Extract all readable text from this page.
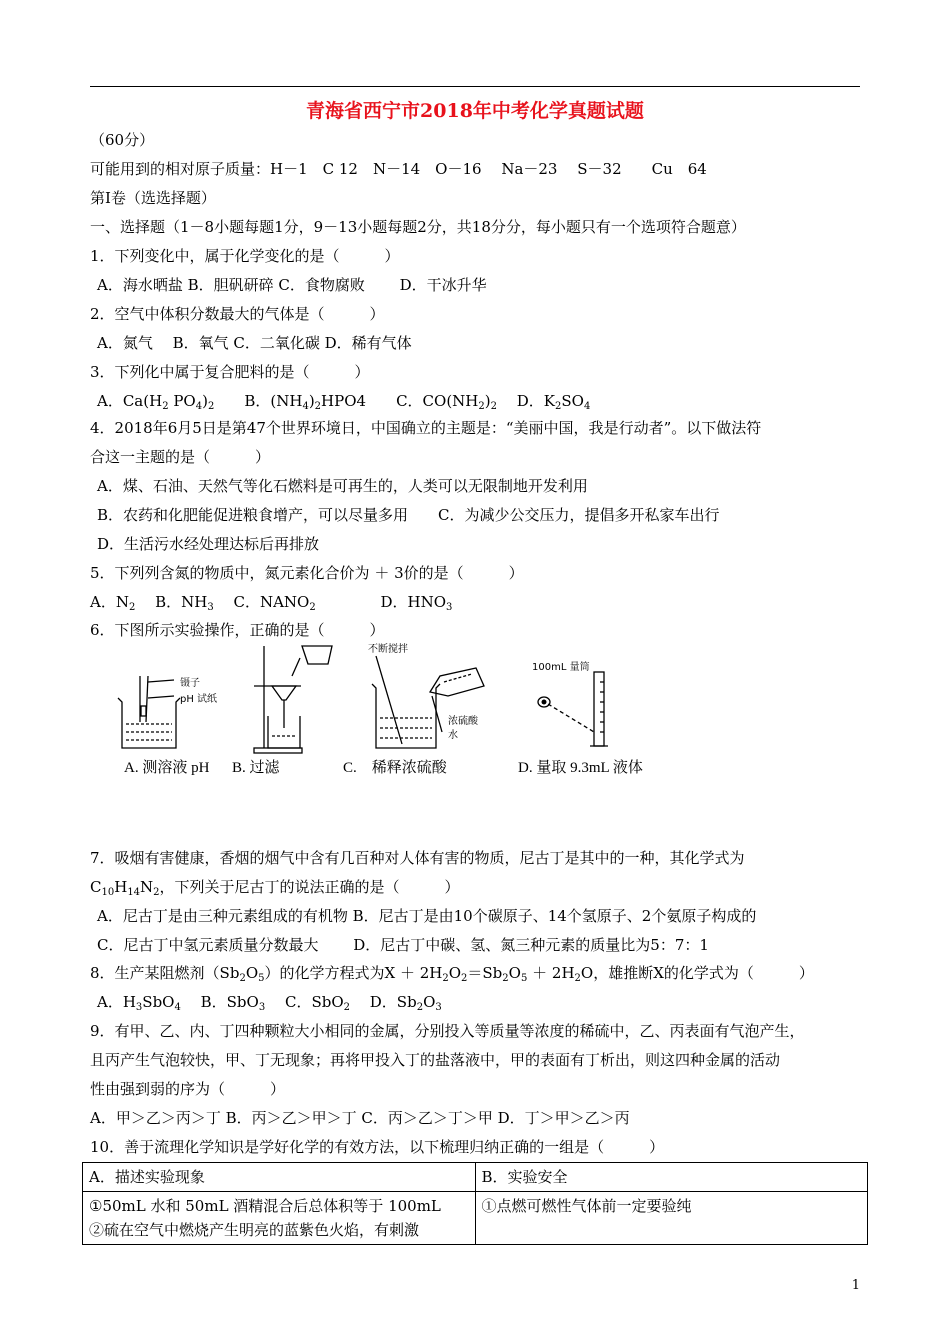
青海省西宁市2018年中考化学真题试题
（60分）
可能用到的相对原子质量：H－1　C 12　N－14　O－16　 Na－23　 S－32　　Cu　64
第Ⅰ卷（选选择题）
一、选择题（1－8小题每题1分，9－13小题每题2分，共18分分，每小题只有一个选项符合题意）
1．下列变化中，属于化学变化的是（　　　）
A．海水晒盐 B．胆矾研碎 C．食物腐败　　 D．干冰升华
2．空气中体积分数最大的气体是（　　　）
A．氮气　 B．氧气 C．二氧化碳 D．稀有气体
3．下列化中属于复合肥料的是（　　　）
A．$Ca(H_2$ $PO_4)_2$　　B．$(NH_4)_2HPO4$　　C．$CO(NH_2)_2$　 D．$K_2SO_4$
4．2018年6月5日是第47个世界环境日，中国确立的主题是：“美丽中国，我是行动者”。以下做法符
合这一主题的是（　　　）
A．煤、石油、天然气等化石燃料是可再生的，人类可以无限制地开发利用
B．农药和化肥能促进粮食增产，可以尽量多用　　C．为减少公交压力，提倡多开私家车出行
D．生活污水经处理达标后再排放
5．下列列含氮的物质中，氮元素化合价为 ＋ 3价的是（　　　）
A．$N_2$　 B．$NH_3$　 C．$NANO_2$　　　　 D．$HNO_3$
6．下图所示实验操作，正确的是（　　　）
镊子
pH 试纸
不断搅拌
浓硫酸
水
100mL 量筒
A. 测溶液 pH B. 过滤	C.　稀释浓硫酸	D. 量取 9.3mL 液体
7．吸烟有害健康，香烟的烟气中含有几百种对人体有害的物质，尼古丁是其中的一种，其化学式为
$C_{10}H_{14}N_2$，下列关于尼古丁的说法正确的是（　　　）
A．尼古丁是由三种元素组成的有机物 B．尼古丁是由10个碳原子、14个氢原子、2个氨原子构成的
C．尼古丁中氢元素质量分数最大　　 D．尼古丁中碳、氢、氮三种元素的质量比为5：7：1
8．生产某阻燃剂$(Sb_2O_5)$的化学方程式为$X + 2H_2O_2=Sb_2O_5 + 2H_2O$，雄推断X的化学式为（　　　）
A．$H_3SbO_4$　 B．SbO$_3$　 C．SbO$_2$　 D．$Sb_2O_3$
9．有甲、乙、内、丁四种颗粒大小相同的金属，分别投入等质量等浓度的稀硫中，乙、丙表面有气泡产生，
且丙产生气泡较快，甲、丁无现象；再将甲投入丁的盐落液中，甲的表面有丁析出，则这四种金属的活动
性由强到弱的序为（　　　）
A．甲＞乙＞丙＞丁 B．丙＞乙＞甲＞丁 C．丙＞乙＞丁＞甲 D．丁＞甲＞乙＞丙
10．善于流理化学知识是学好化学的有效方法，以下梳理归纳正确的一组是（　　　）
A．描述实验现象	B．实验安全

①50mL 水和 50mL 酒精混合后总体积等于 100mL
②硫在空气中燃烧产生明亮的蓝紫色火焰，有刺激	①点燃可燃性气体前一定要验纯
1
